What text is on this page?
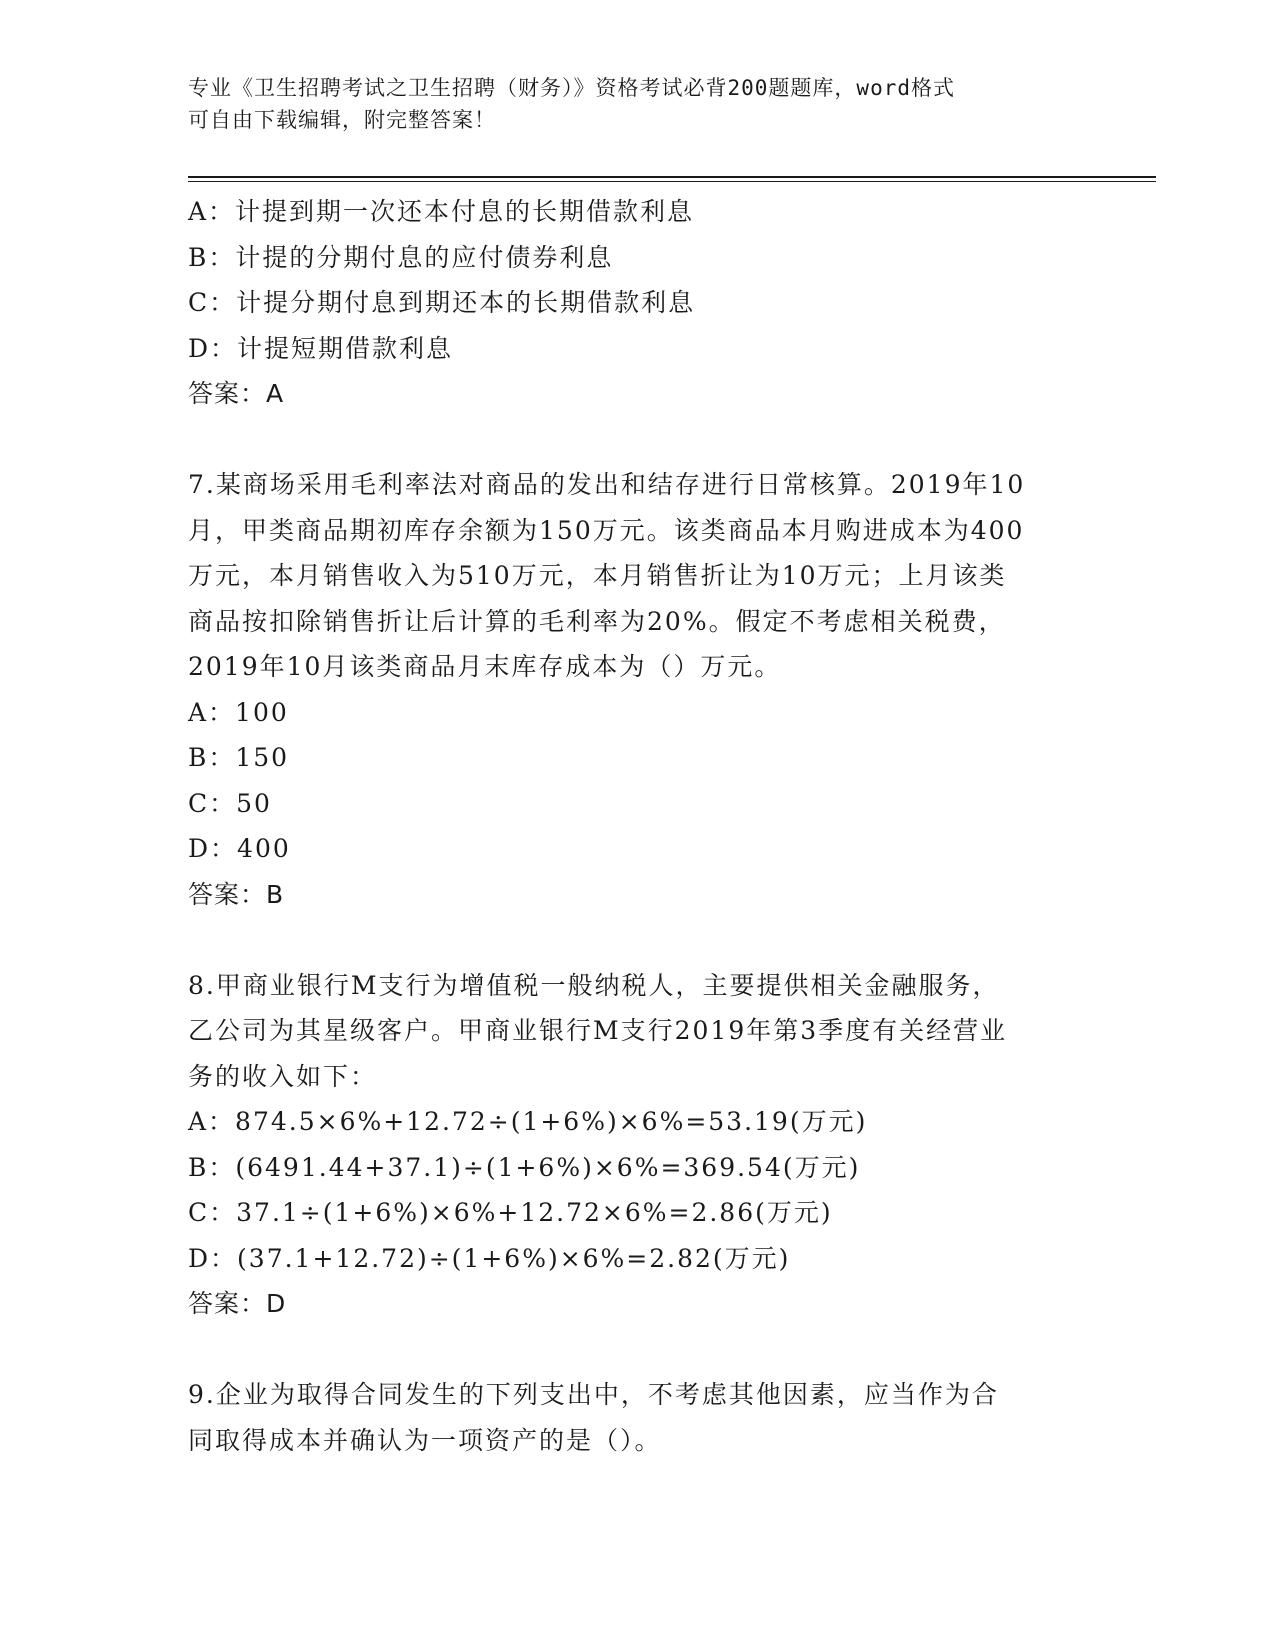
专业《卫生招聘考试之卫生招聘（财务）》资格考试必背200题题库，word格式
可自由下载编辑，附完整答案！
A：计提到期一次还本付息的长期借款利息
B：计提的分期付息的应付债券利息
C：计提分期付息到期还本的长期借款利息
D：计提短期借款利息
答案：A
7.某商场采用毛利率法对商品的发出和结存进行日常核算。2019年10
月，甲类商品期初库存余额为150万元。该类商品本月购进成本为400
万元，本月销售收入为510万元，本月销售折让为10万元；上月该类
商品按扣除销售折让后计算的毛利率为20%。假定不考虑相关税费，
2019年10月该类商品月末库存成本为（）万元。
A：100
B：150
C：50
D：400
答案：B
8.甲商业银行M支行为增值税一般纳税人，主要提供相关金融服务，
乙公司为其星级客户。甲商业银行M支行2019年第3季度有关经营业
务的收入如下：
A：874.5×6%+12.72÷(1+6%)×6%=53.19(万元)
B：(6491.44+37.1)÷(1+6%)×6%=369.54(万元)
C：37.1÷(1+6%)×6%+12.72×6%=2.86(万元)
D：(37.1+12.72)÷(1+6%)×6%=2.82(万元)
答案：D
9.企业为取得合同发生的下列支出中，不考虑其他因素，应当作为合
同取得成本并确认为一项资产的是（）。
